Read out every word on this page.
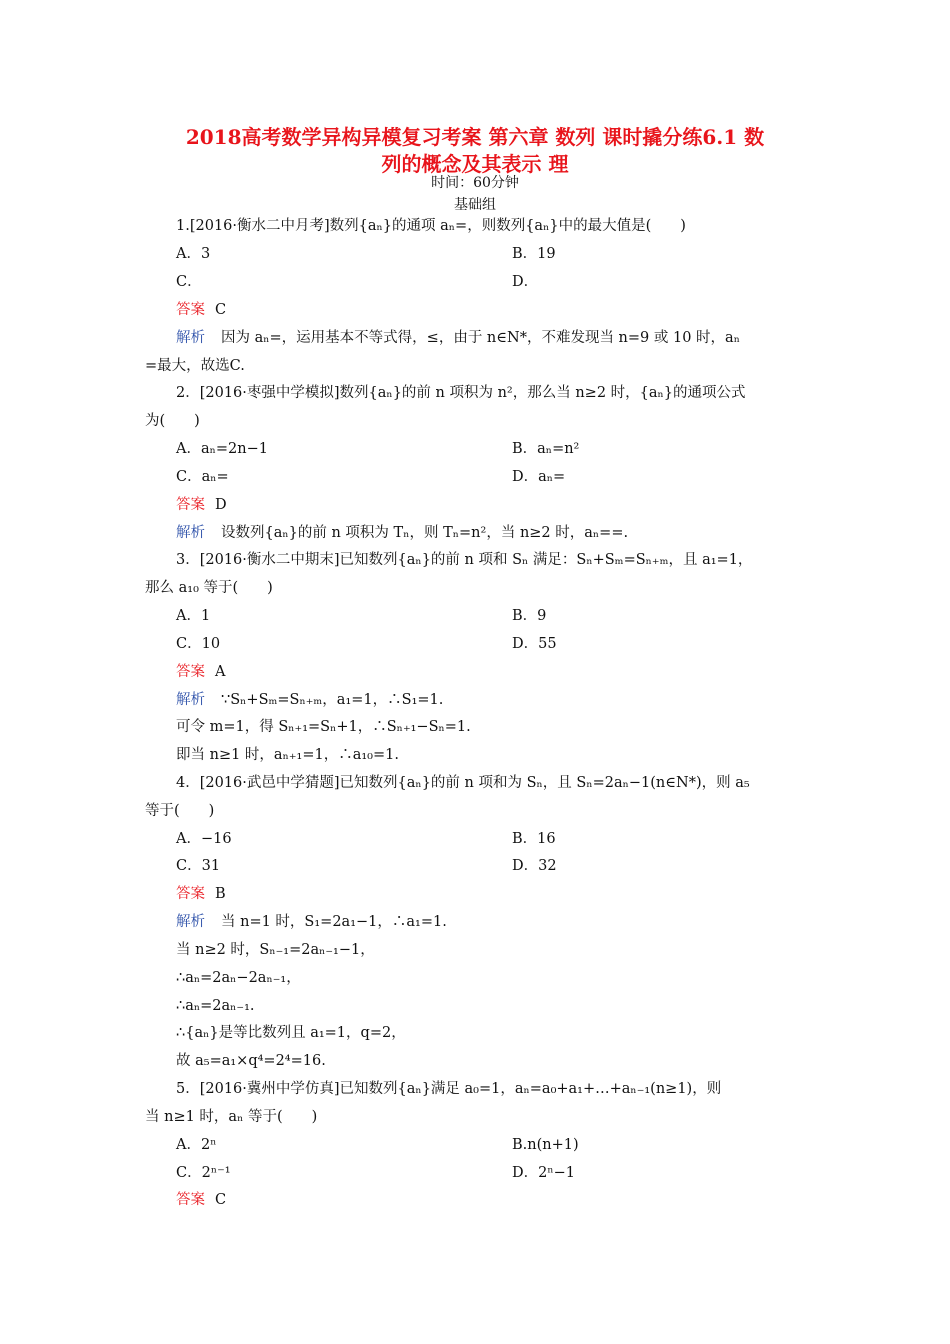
2018高考数学异构异模复习考案 第六章 数列 课时撬分练6.1 数
列的概念及其表示 理
时间：60分钟
基础组
1.[2016·衡水二中月考]数列{aₙ}的通项 aₙ=，则数列{aₙ}中的最大值是(　　)
A．3	B．19
C．	D．
答案 C
解析 因为 aₙ=，运用基本不等式得，≤，由于 n∈N*，不难发现当 n=9 或 10 时，aₙ
=最大，故选C.
2．[2016·枣强中学模拟]数列{aₙ}的前 n 项积为 n²，那么当 n≥2 时，{aₙ}的通项公式
为(　　)
A．aₙ=2n−1	B．aₙ=n²
C．aₙ=	D．aₙ=
答案 D
解析 设数列{aₙ}的前 n 项积为 Tₙ，则 Tₙ=n²，当 n≥2 时，aₙ==.
3．[2016·衡水二中期末]已知数列{aₙ}的前 n 项和 Sₙ 满足：Sₙ+Sₘ=Sₙ₊ₘ，且 a₁=1，
那么 a₁₀ 等于(　　)
A．1	B．9
C．10	D．55
答案 A
解析 ∵Sₙ+Sₘ=Sₙ₊ₘ，a₁=1，∴S₁=1.
可令 m=1，得 Sₙ₊₁=Sₙ+1，∴Sₙ₊₁−Sₙ=1.
即当 n≥1 时，aₙ₊₁=1，∴a₁₀=1.
4．[2016·武邑中学猜题]已知数列{aₙ}的前 n 项和为 Sₙ，且 Sₙ=2aₙ−1(n∈N*)，则 a₅
等于(　　)
A．−16	B．16
C．31	D．32
答案 B
解析 当 n=1 时，S₁=2a₁−1，∴a₁=1.
当 n≥2 时，Sₙ₋₁=2aₙ₋₁−1，
∴aₙ=2aₙ−2aₙ₋₁，
∴aₙ=2aₙ₋₁.
∴{aₙ}是等比数列且 a₁=1，q=2，
故 a₅=a₁×q⁴=2⁴=16.
5．[2016·冀州中学仿真]已知数列{aₙ}满足 a₀=1，aₙ=a₀+a₁+…+aₙ₋₁(n≥1)，则
当 n≥1 时，aₙ 等于(　　)
A．2ⁿ	B.n(n+1)
C．2ⁿ⁻¹	D．2ⁿ−1
答案 C
